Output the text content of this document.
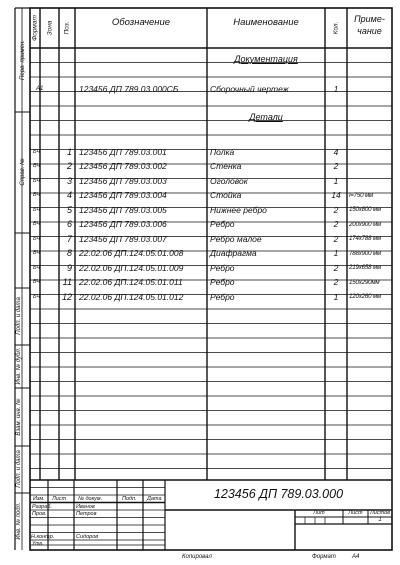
Перв. примен.
Справ. №
Подп. и дата
Инв. № дубл.
Взам. инв. №
Подп. и дата
Инв. № подл.
Формат Зона Поз.	Обозначение	Наименование	Кол.
Приме-
чание
Документация
Детали
А1	123456 ДП 789.03.000СБ	Сборочный чертеж	1
БЧ	1 123456 ДП 789.03.001	Полка	4
БЧ	2 123456 ДП 789.03.002	Стенка	2
БЧ	3 123456 ДП 789.03.003	Оголовок	1
БЧ	4 123456 ДП 789.03.004	Стойка	14	l=750 мм
БЧ	5 123456 ДП 789.03.005	Нижнее ребро	2	150х800 мм
БЧ	6 123456 ДП 789.03.006	Ребро	2	200х900 мм
БЧ	7 123456 ДП 789.03.007	Ребро малое	2	174х788 мм
БЧ	8 22.02.06 ДП.124.05.01.008	Диафрагма	1	788х900 мм
БЧ	9 22.02.06 ДП.124.05.01.009	Ребро	2	219х658 мм
БЧ	11 22.02.06 ДП.124.05.01.011	Ребро	2	150х290мм
БЧ	12 22.02.06 ДП.124.05.01.012	Ребро	1	120х260 мм
Изм. Лист № докум.	Подп. Дата
Разраб.	Иванов
Пров.	Петров
Н.контр.	Сидоров
Утв.
123456 ДП 789.03.000
Лит	Лист	Листов
1
Копировал	Формат	А4
